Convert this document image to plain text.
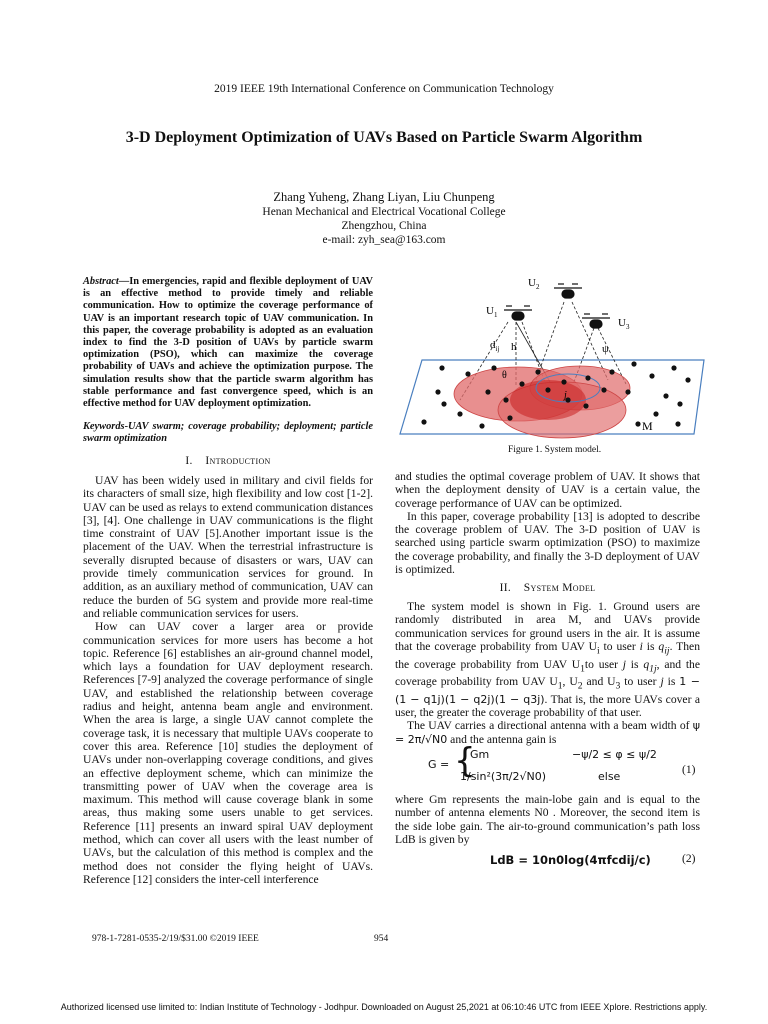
2019 IEEE 19th International Conference on Communication Technology
3-D Deployment Optimization of UAVs Based on Particle Swarm Algorithm
Zhang Yuheng, Zhang Liyan, Liu Chunpeng
Henan Mechanical and Electrical Vocational College
Zhengzhou, China
e-mail: zyh_sea@163.com
Abstract—In emergencies, rapid and flexible deployment of UAV is an effective method to provide timely and reliable communication. How to optimize the coverage performance of UAV is an important research topic of UAV communication. In this paper, the coverage probability is adopted as an evaluation index to find the 3-D position of UAVs by particle swarm optimization (PSO), which can maximize the coverage probability of UAVs and achieve the optimization purpose. The simulation results show that the particle swarm algorithm has stable performance and fast convergence speed, which is an effective method for UAV deployment optimization.
Keywords-UAV swarm; coverage probability; deployment; particle swarm optimization
I. Introduction

UAV has been widely used in military and civil fields for its characters of small size, high flexibility and low cost [1-2]. UAV can be used as relays to extend communication distances [3], [4]. One challenge in UAV communications is the flight time constraint of UAV [5].Another important issue is the placement of the UAV. When the terrestrial infrastructure is severally disrupted because of disasters or wars, UAV can provide timely communication services for ground. In addition, as an auxiliary method of communication, UAV can reduce the burden of 5G system and provide more real-time and reliable communication services for users.

How can UAV cover a larger area or provide communication services for more users has become a hot topic. Reference [6] establishes an air-ground channel model, which lays a foundation for UAV deployment research. References [7-9] analyzed the coverage performance of single UAV, and established the relationship between coverage radius and height, antenna beam angle and environment. When the area is large, a single UAV cannot complete the coverage task, it is necessary that multiple UAVs cooperate to cover this area. Reference [10] studies the deployment of UAVs under non-overlapping coverage conditions, and gives an effective deployment scheme, which can minimize the transmitting power of UAV when the coverage area is maximum. This method will cause coverage blank in some areas, thus making some users unable to get services. Reference [11] presents an inward spiral UAV deployment method, which can cover all users with the least number of UAVs, but the calculation of this method is complex and the method does not consider the flying height of UAVs. Reference [12] considers the inter-cell interference

$U_2$
$U_1$
$U_3$
$d_{ij}$ h	ψ
θ
j
M
Figure 1. System model.

and studies the optimal coverage problem of UAV. It shows that when the deployment density of UAV is a certain value, the coverage performance of UAV can be optimized.

In this paper, coverage probability [13] is adopted to describe the coverage problem of UAV. The 3-D position of UAV is searched using particle swarm optimization (PSO) to maximize the coverage probability, and finally the 3-D deployment of UAV is optimized.

II. System Model

The system model is shown in Fig. 1. Ground users are randomly distributed in area M, and UAVs provide communication services for ground users in the air. It is assume that the coverage probability from UAV $U_i$ to user i is $q_{ij}$. Then the coverage probability from UAV $U_1to$ user j is $q_{1j}$, and the coverage probability from UAV $U_1$, $U_2$ and $U_3$ to user j is 1 − (1 − q1j)(1 − q2j)(1 − q3j). That is, the more UAVs cover a user, the greater the coverage probability of that user.

The UAV carries a directional antenna with a beam width of ψ = 2π/√N0 and the antenna gain is

G = {
Gm	−ψ/2 ≤ φ ≤ ψ/2
1/sin²(3π/2√N0)	else	(1)
where Gm represents the main-lobe gain and is equal to the number of antenna elements N0 . Moreover, the second item is the side lobe gain. The air-to-ground communication’s path loss LdB is given by
LdB = 10n0log(4πfcdij/c)	(2)
978-1-7281-0535-2/19/$31.00 ©2019 IEEE	954
Authorized licensed use limited to: Indian Institute of Technology - Jodhpur. Downloaded on August 25,2021 at 06:10:46 UTC from IEEE Xplore. Restrictions apply.
